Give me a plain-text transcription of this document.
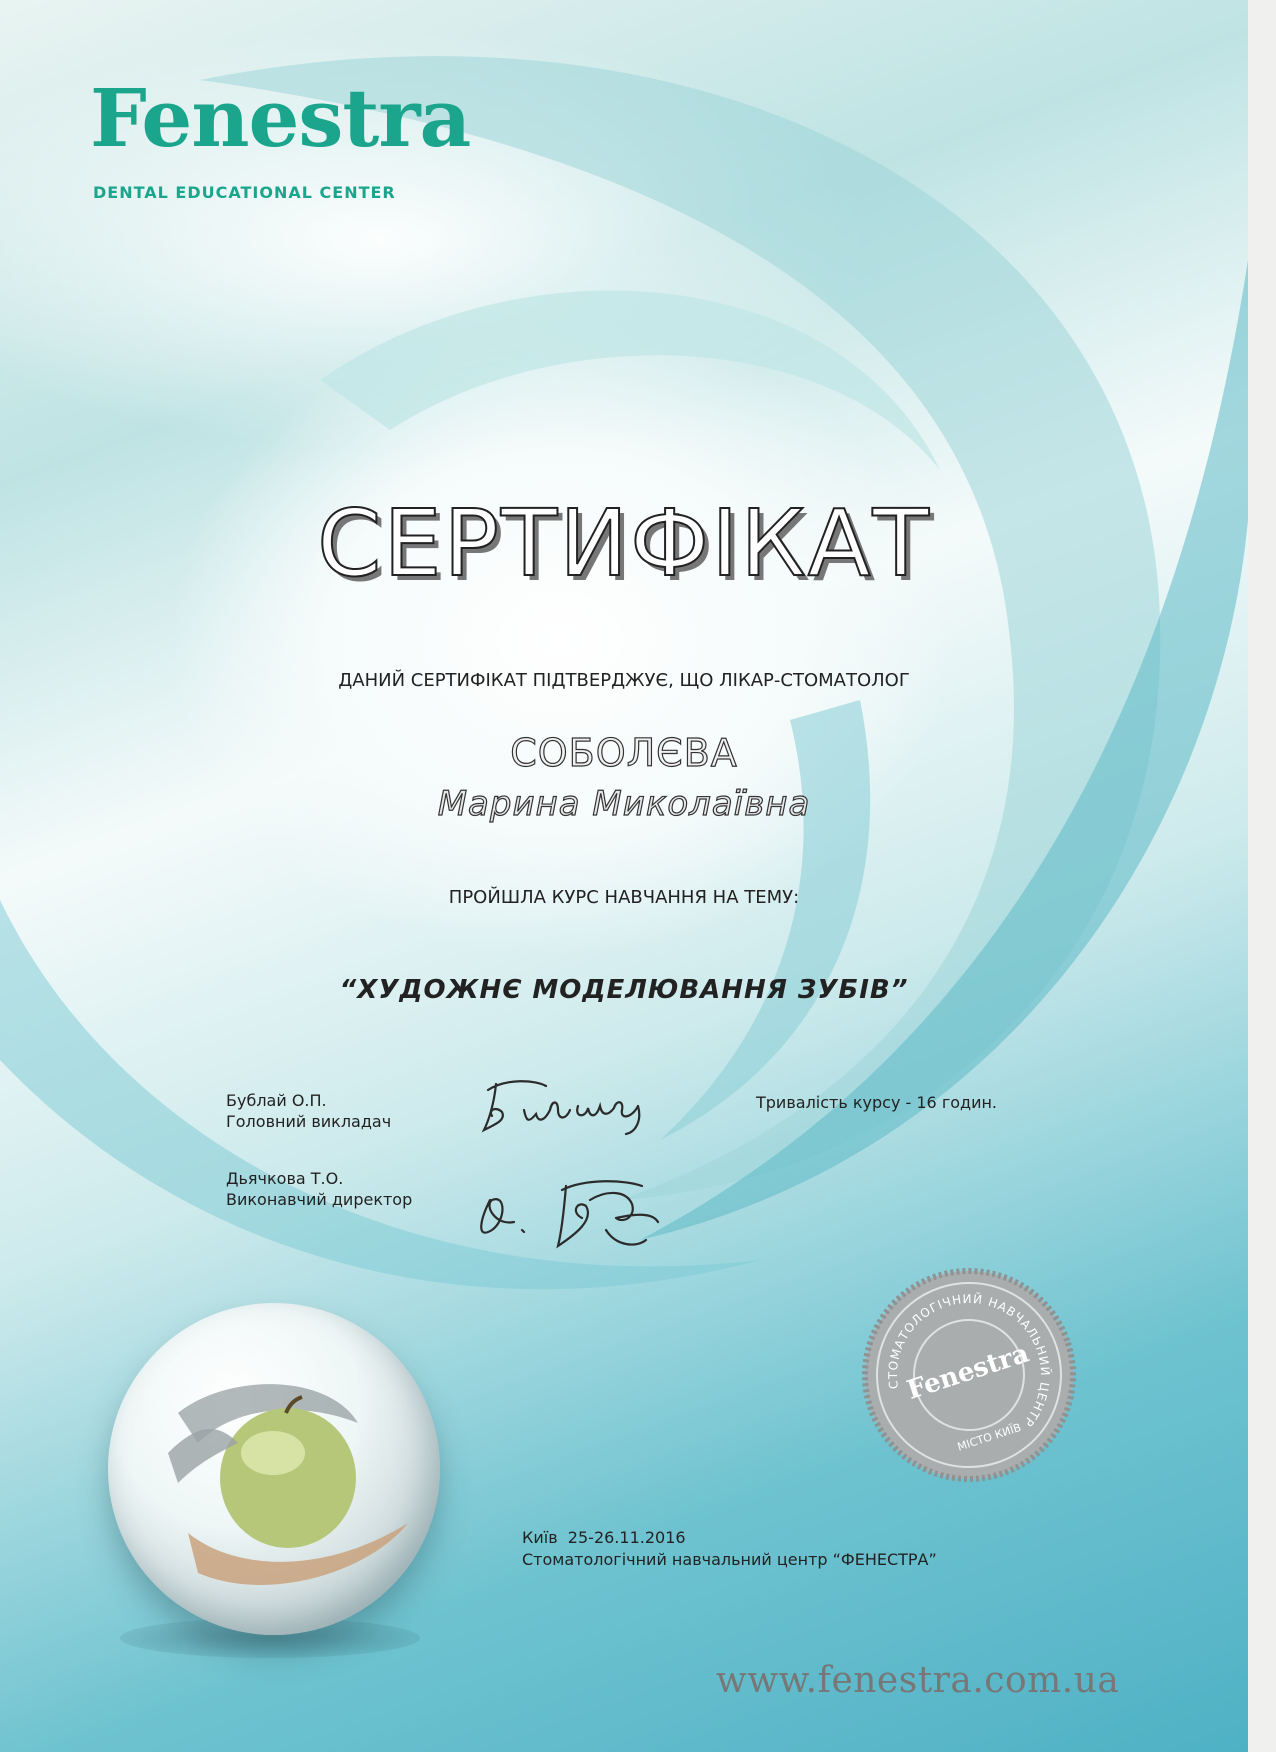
Fenestra
DENTAL EDUCATIONAL CENTER
СЕРТИФІКАТ
ДАНИЙ СЕРТИФІКАТ ПІДТВЕРДЖУЄ, ЩО ЛІКАР-СТОМАТОЛОГ
СОБОЛЄВА
Марина Миколаївна
ПРОЙШЛА КУРС НАВЧАННЯ НА ТЕМУ:
“ХУДОЖНЄ МОДЕЛЮВАННЯ ЗУБІВ”
Бублай О.П.
Головний викладач
Тривалість курсу - 16 годин.
Дьячкова Т.О.
Виконавчий директор
СТОМАТОЛОГІЧНИЙ НАВЧАЛЬНИЙ ЦЕНТР
Fenestra
МІСТО КИЇВ
Київ  25-26.11.2016
Стоматологічний навчальний центр “ФЕНЕСТРА”
www.fenestra.com.ua
